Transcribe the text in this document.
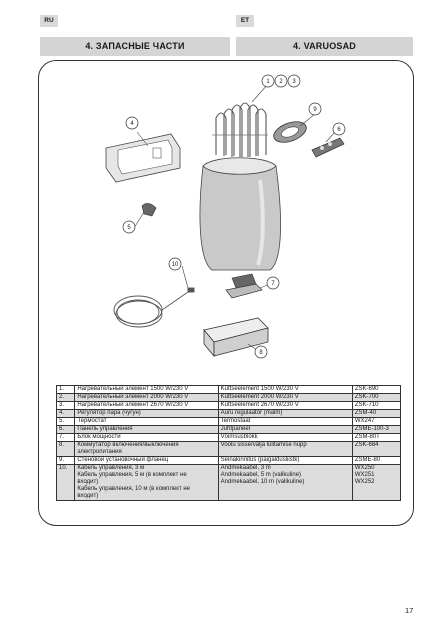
RU	ET
4. ЗАПАСНЫЕ ЧАСТИ	4. VARUOSAD
1 2 3
4
5
6
7
8
9
10
1.	Нагревательный элемент 1500 W/230 V	Küttseelement 1500 W/230 V	ZSK-690

2.	Нагревательный элемент 2000 W/230 V	Küttseelement 2000 W/230 V	ZSK-700

3.	Нагревательный элемент 2670 W/230 V	Küttseelement 2670 W/230 V	ZSK-710

4.	Регулятор пара (чугун)	Auru regulaator (malm)	ZSM-40

5.	Термостат	Termostaat	WX247

6.	Панель управления	Juhtpaneel	ZSME-100-3

7.	Блок мощности	Võimsusblokk	ZSM-80T

8.	Коммутатор включения/выключения
электропитания	Voolu sisse/välja lülitamise nupp	ZSK-684

9.	Стеновой установочный фланец	Seinakinnitus (paigaldusliistk)	ZSME-80

10.	Кабель управления, 3 м
Кабель управления, 5 м (в комплект не
входит)
Кабель управления, 10 м (в комплект не
входит)	Andmekaabel, 3 m
Andmekaabel, 5 m (valikuline)
Andmekaabel, 10 m (valikuline)	WX250
WX251
WX252
17
